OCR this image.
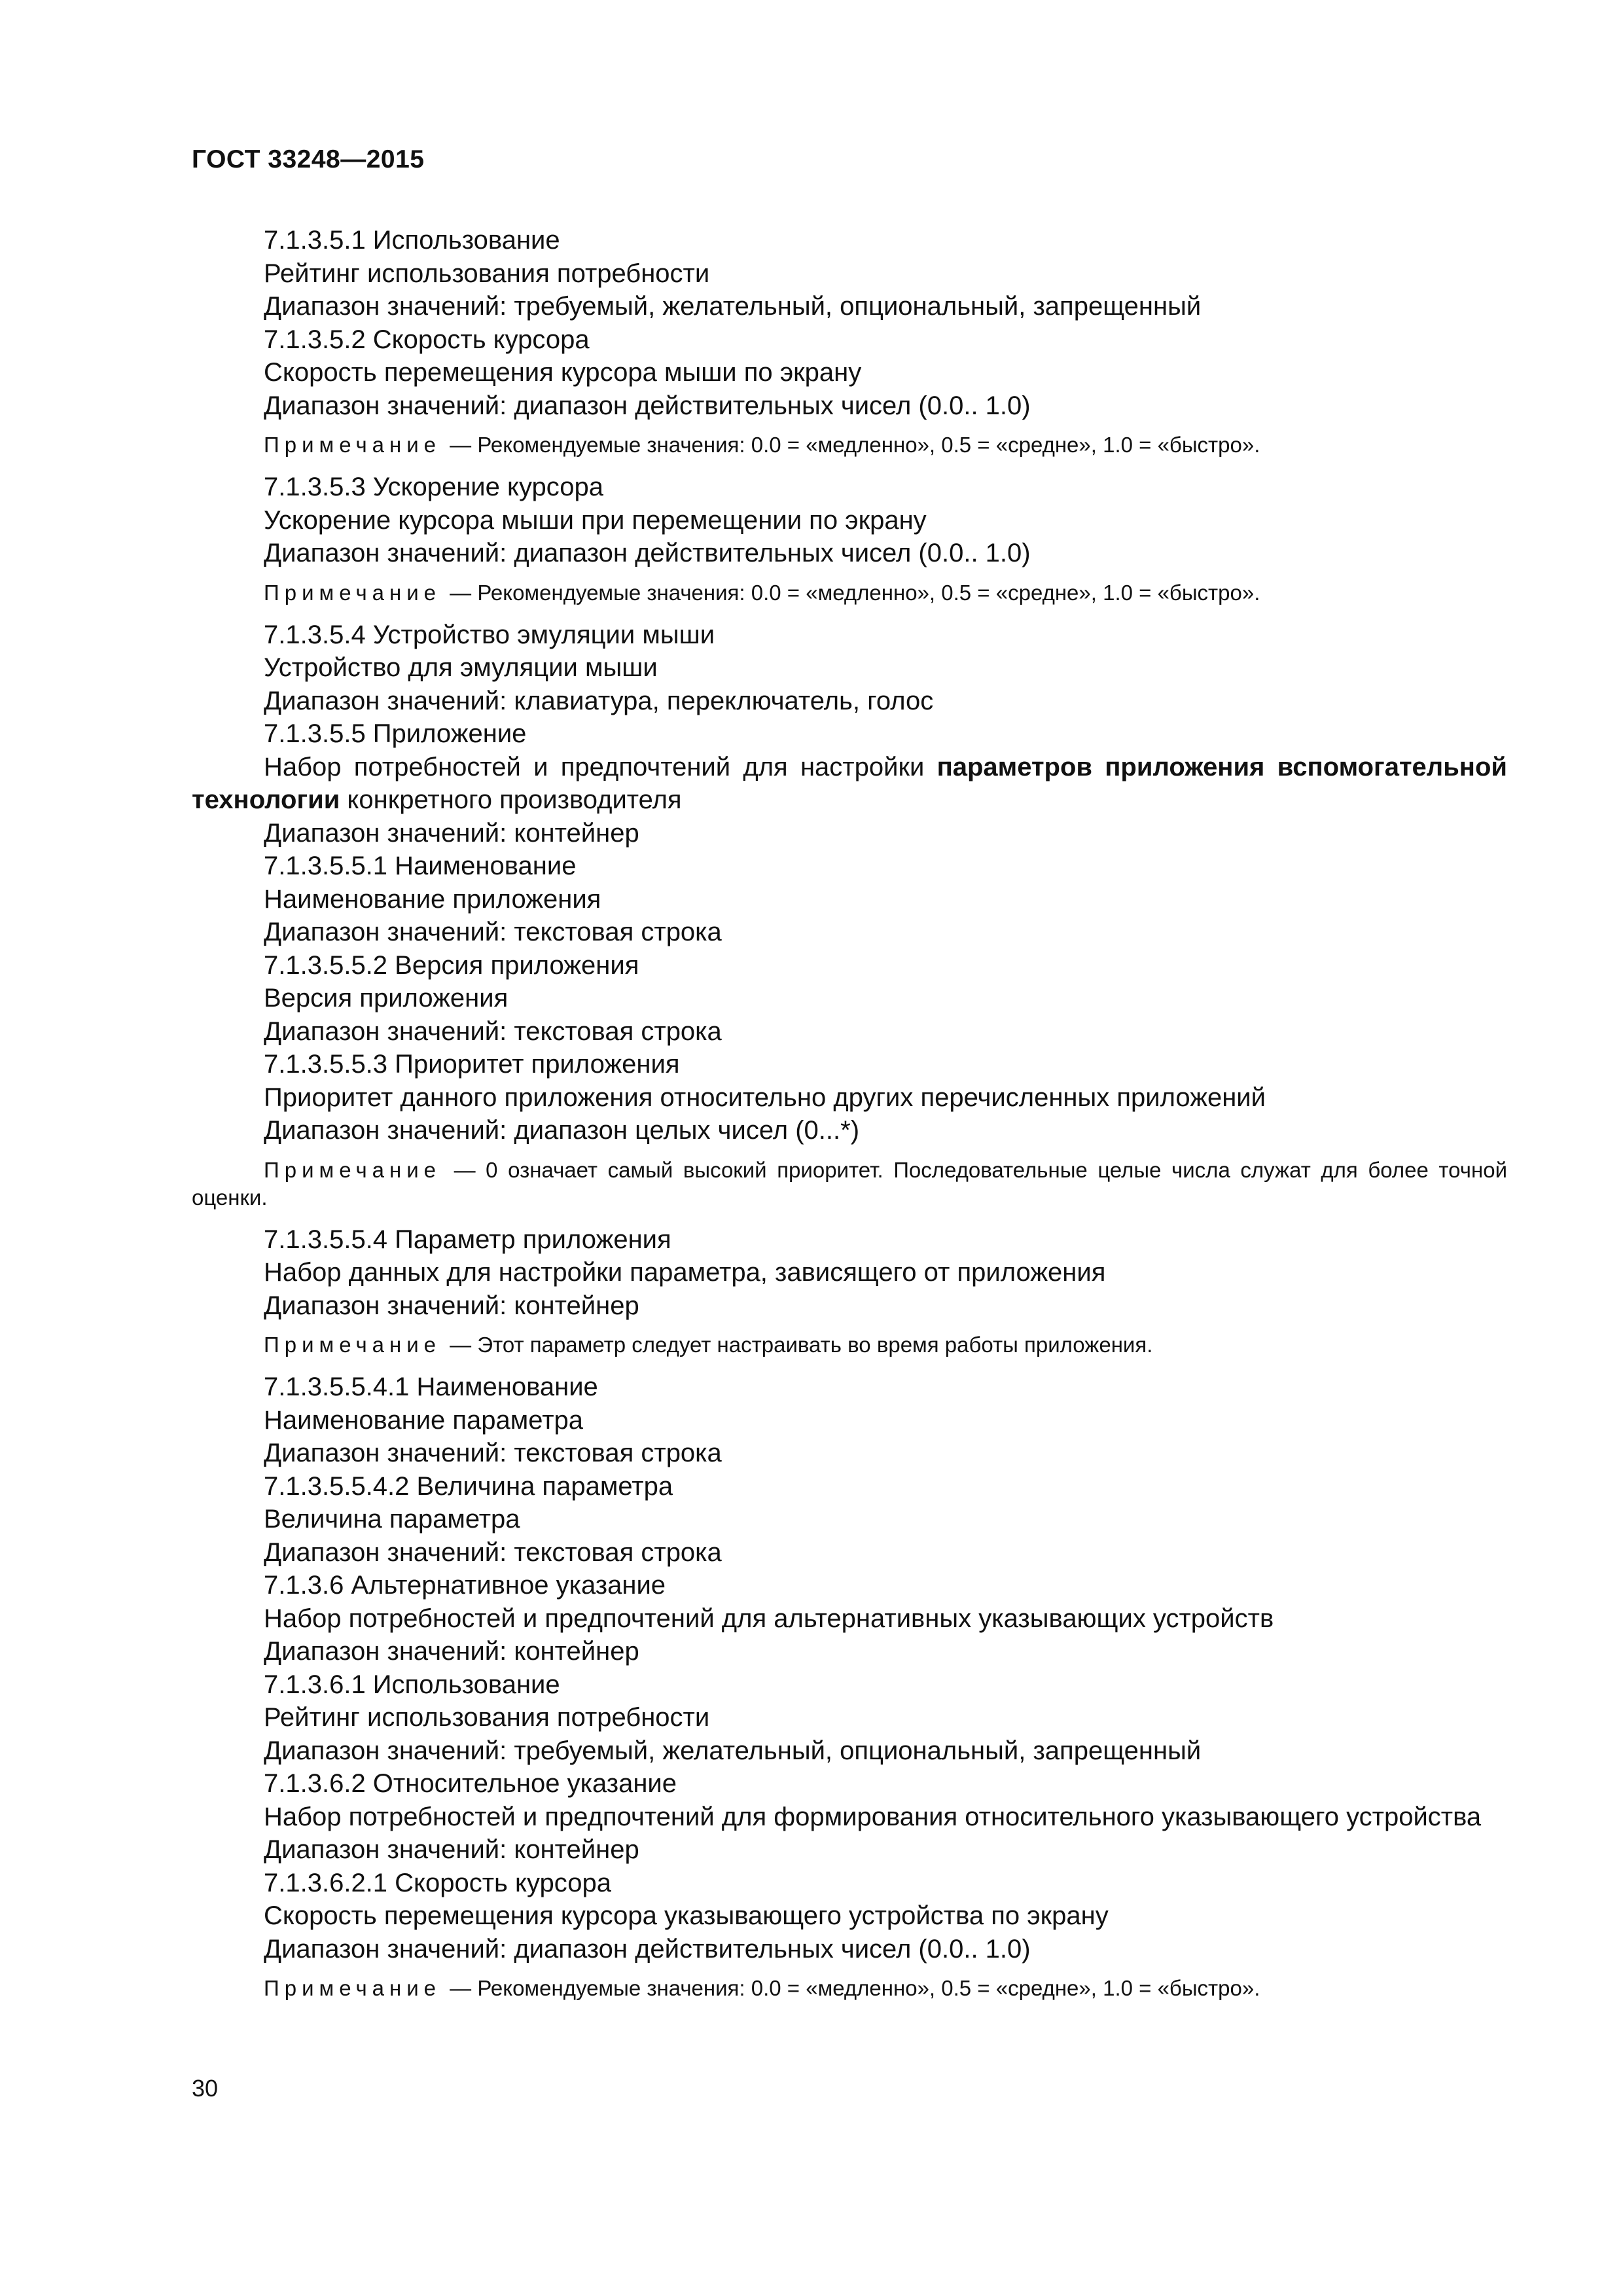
ГОСТ 33248—2015
7.1.3.5.1 Использование
Рейтинг использования потребности
Диапазон значений: требуемый, желательный, опциональный, запрещенный
7.1.3.5.2 Скорость курсора
Скорость перемещения курсора мыши по экрану
Диапазон значений: диапазон действительных чисел (0.0.. 1.0)
Примечание — Рекомендуемые значения: 0.0 = «медленно», 0.5 = «средне», 1.0 = «быстро».
7.1.3.5.3 Ускорение курсора
Ускорение курсора мыши при перемещении по экрану
Диапазон значений: диапазон действительных чисел (0.0.. 1.0)
Примечание — Рекомендуемые значения: 0.0 = «медленно», 0.5 = «средне», 1.0 = «быстро».
7.1.3.5.4 Устройство эмуляции мыши
Устройство для эмуляции мыши
Диапазон значений: клавиатура, переключатель, голос
7.1.3.5.5 Приложение
Набор потребностей и предпочтений для настройки параметров приложения вспомогательной технологии конкретного производителя
Диапазон значений: контейнер
7.1.3.5.5.1 Наименование
Наименование приложения
Диапазон значений: текстовая строка
7.1.3.5.5.2 Версия приложения
Версия приложения
Диапазон значений: текстовая строка
7.1.3.5.5.3 Приоритет приложения
Приоритет данного приложения относительно других перечисленных приложений
Диапазон значений: диапазон целых чисел (0...*)
Примечание — 0 означает самый высокий приоритет. Последовательные целые числа служат для более точной оценки.
7.1.3.5.5.4 Параметр приложения
Набор данных для настройки параметра, зависящего от приложения
Диапазон значений: контейнер
Примечание — Этот параметр следует настраивать во время работы приложения.
7.1.3.5.5.4.1 Наименование
Наименование параметра
Диапазон значений: текстовая строка
7.1.3.5.5.4.2 Величина параметра
Величина параметра
Диапазон значений: текстовая строка
7.1.3.6 Альтернативное указание
Набор потребностей и предпочтений для альтернативных указывающих устройств
Диапазон значений: контейнер
7.1.3.6.1 Использование
Рейтинг использования потребности
Диапазон значений: требуемый, желательный, опциональный, запрещенный
7.1.3.6.2 Относительное указание
Набор потребностей и предпочтений для формирования относительного указывающего устройства
Диапазон значений: контейнер
7.1.3.6.2.1 Скорость курсора
Скорость перемещения курсора указывающего устройства по экрану
Диапазон значений: диапазон действительных чисел (0.0.. 1.0)
Примечание — Рекомендуемые значения: 0.0 = «медленно», 0.5 = «средне», 1.0 = «быстро».
30
